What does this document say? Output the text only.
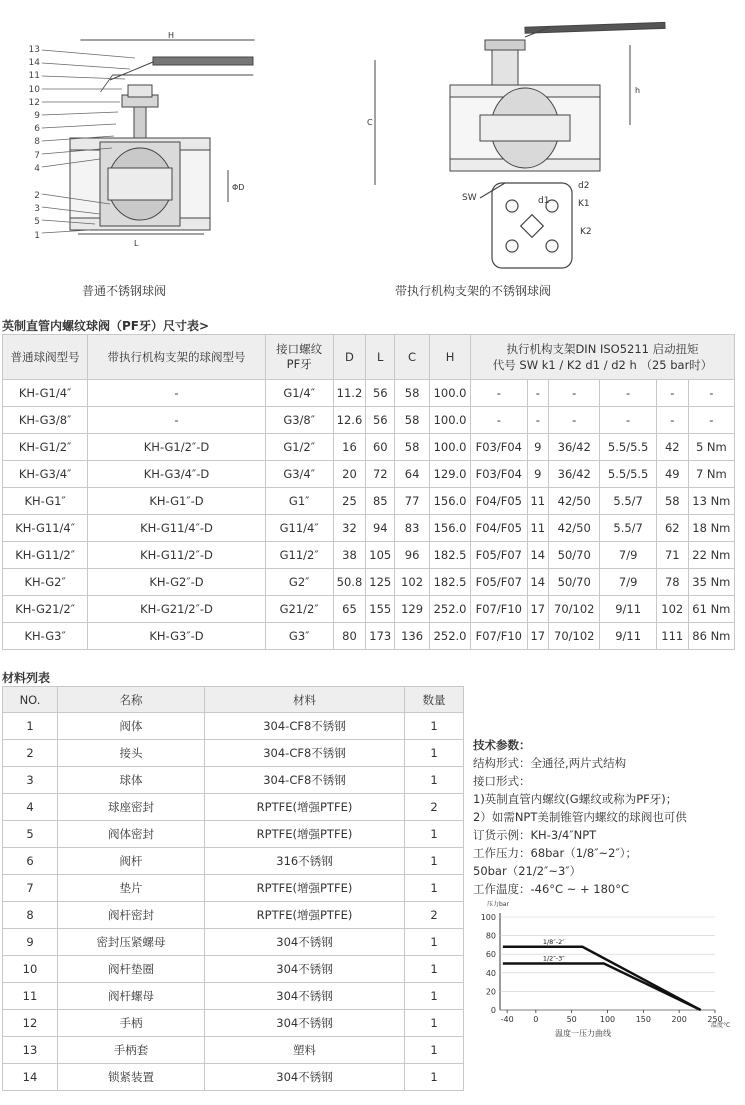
H
L
ΦD
C
13
14
11
10
12
9
6
8
7
4
2
3
5
1
h
SW
d2
d1	K1
K2
普通不锈钢球阀	带执行机构支架的不锈钢球阀
英制直管内螺纹球阀（PF牙）尺寸表>
普通球阀型号	带执行机构支架的球阀型号	接口螺纹 PF牙	D	L	C	H	执行机构支架DIN ISO5211 启动扭矩
代号 SW k1 / K2 d1 / d2 h （25 bar时）					

KH-G1/4″	-	G1/4″	11.2	56	58	100.0	-	-	-	-	-	-
KH-G3/8″	-	G3/8″	12.6	56	58	100.0	-	-	-	-	-	-
KH-G1/2″	KH-G1/2″-D	G1/2″	16	60	58	100.0	F03/F04	9	36/42	5.5/5.5	42	5 Nm
KH-G3/4″	KH-G3/4″-D	G3/4″	20	72	64	129.0	F03/F04	9	36/42	5.5/5.5	49	7 Nm
KH-G1″	KH-G1″-D	G1″	25	85	77	156.0	F04/F05	11	42/50	5.5/7	58	13 Nm
KH-G11/4″	KH-G11/4″-D	G11/4″	32	94	83	156.0	F04/F05	11	42/50	5.5/7	62	18 Nm
KH-G11/2″	KH-G11/2″-D	G11/2″	38	105	96	182.5	F05/F07	14	50/70	7/9	71	22 Nm
KH-G2″	KH-G2″-D	G2″	50.8	125	102	182.5	F05/F07	14	50/70	7/9	78	35 Nm
KH-G21/2″	KH-G21/2″-D	G21/2″	65	155	129	252.0	F07/F10	17	70/102	9/11	102	61 Nm
KH-G3″	KH-G3″-D	G3″	80	173	136	252.0	F07/F10	17	70/102	9/11	111	86 Nm
材料列表
NO.	名称	材料	数量
1	阀体	304-CF8不锈钢	1
2	接头	304-CF8不锈钢	1
3	球体	304-CF8不锈钢	1
4	球座密封	RPTFE(增强PTFE)	2
5	阀体密封	RPTFE(增强PTFE)	1
6	阀杆	316不锈钢	1
7	垫片	RPTFE(增强PTFE)	1
8	阀杆密封	RPTFE(增强PTFE)	2
9	密封压紧螺母	304不锈钢	1
10	阀杆垫圈	304不锈钢	1
11	阀杆螺母	304不锈钢	1
12	手柄	304不锈钢	1
13	手柄套	塑料	1
14	锁紧装置	304不锈钢	1
技术参数：
结构形式：全通径,两片式结构
接口形式：
1)英制直管内螺纹(G螺纹或称为PF牙)；
2）如需NPT美制锥管内螺纹的球阀也可供
订货示例：KH-3/4″NPT
工作压力：68bar（1/8″~2″）；
50bar（21/2″~3″）
工作温度：-46°C ~ + 180°C
压力bar
温度°C
温度一压力曲线
0
20
40
60
80
100
-40 0	50	100	150	200	250
1/8″-2″
1/2″-3″
